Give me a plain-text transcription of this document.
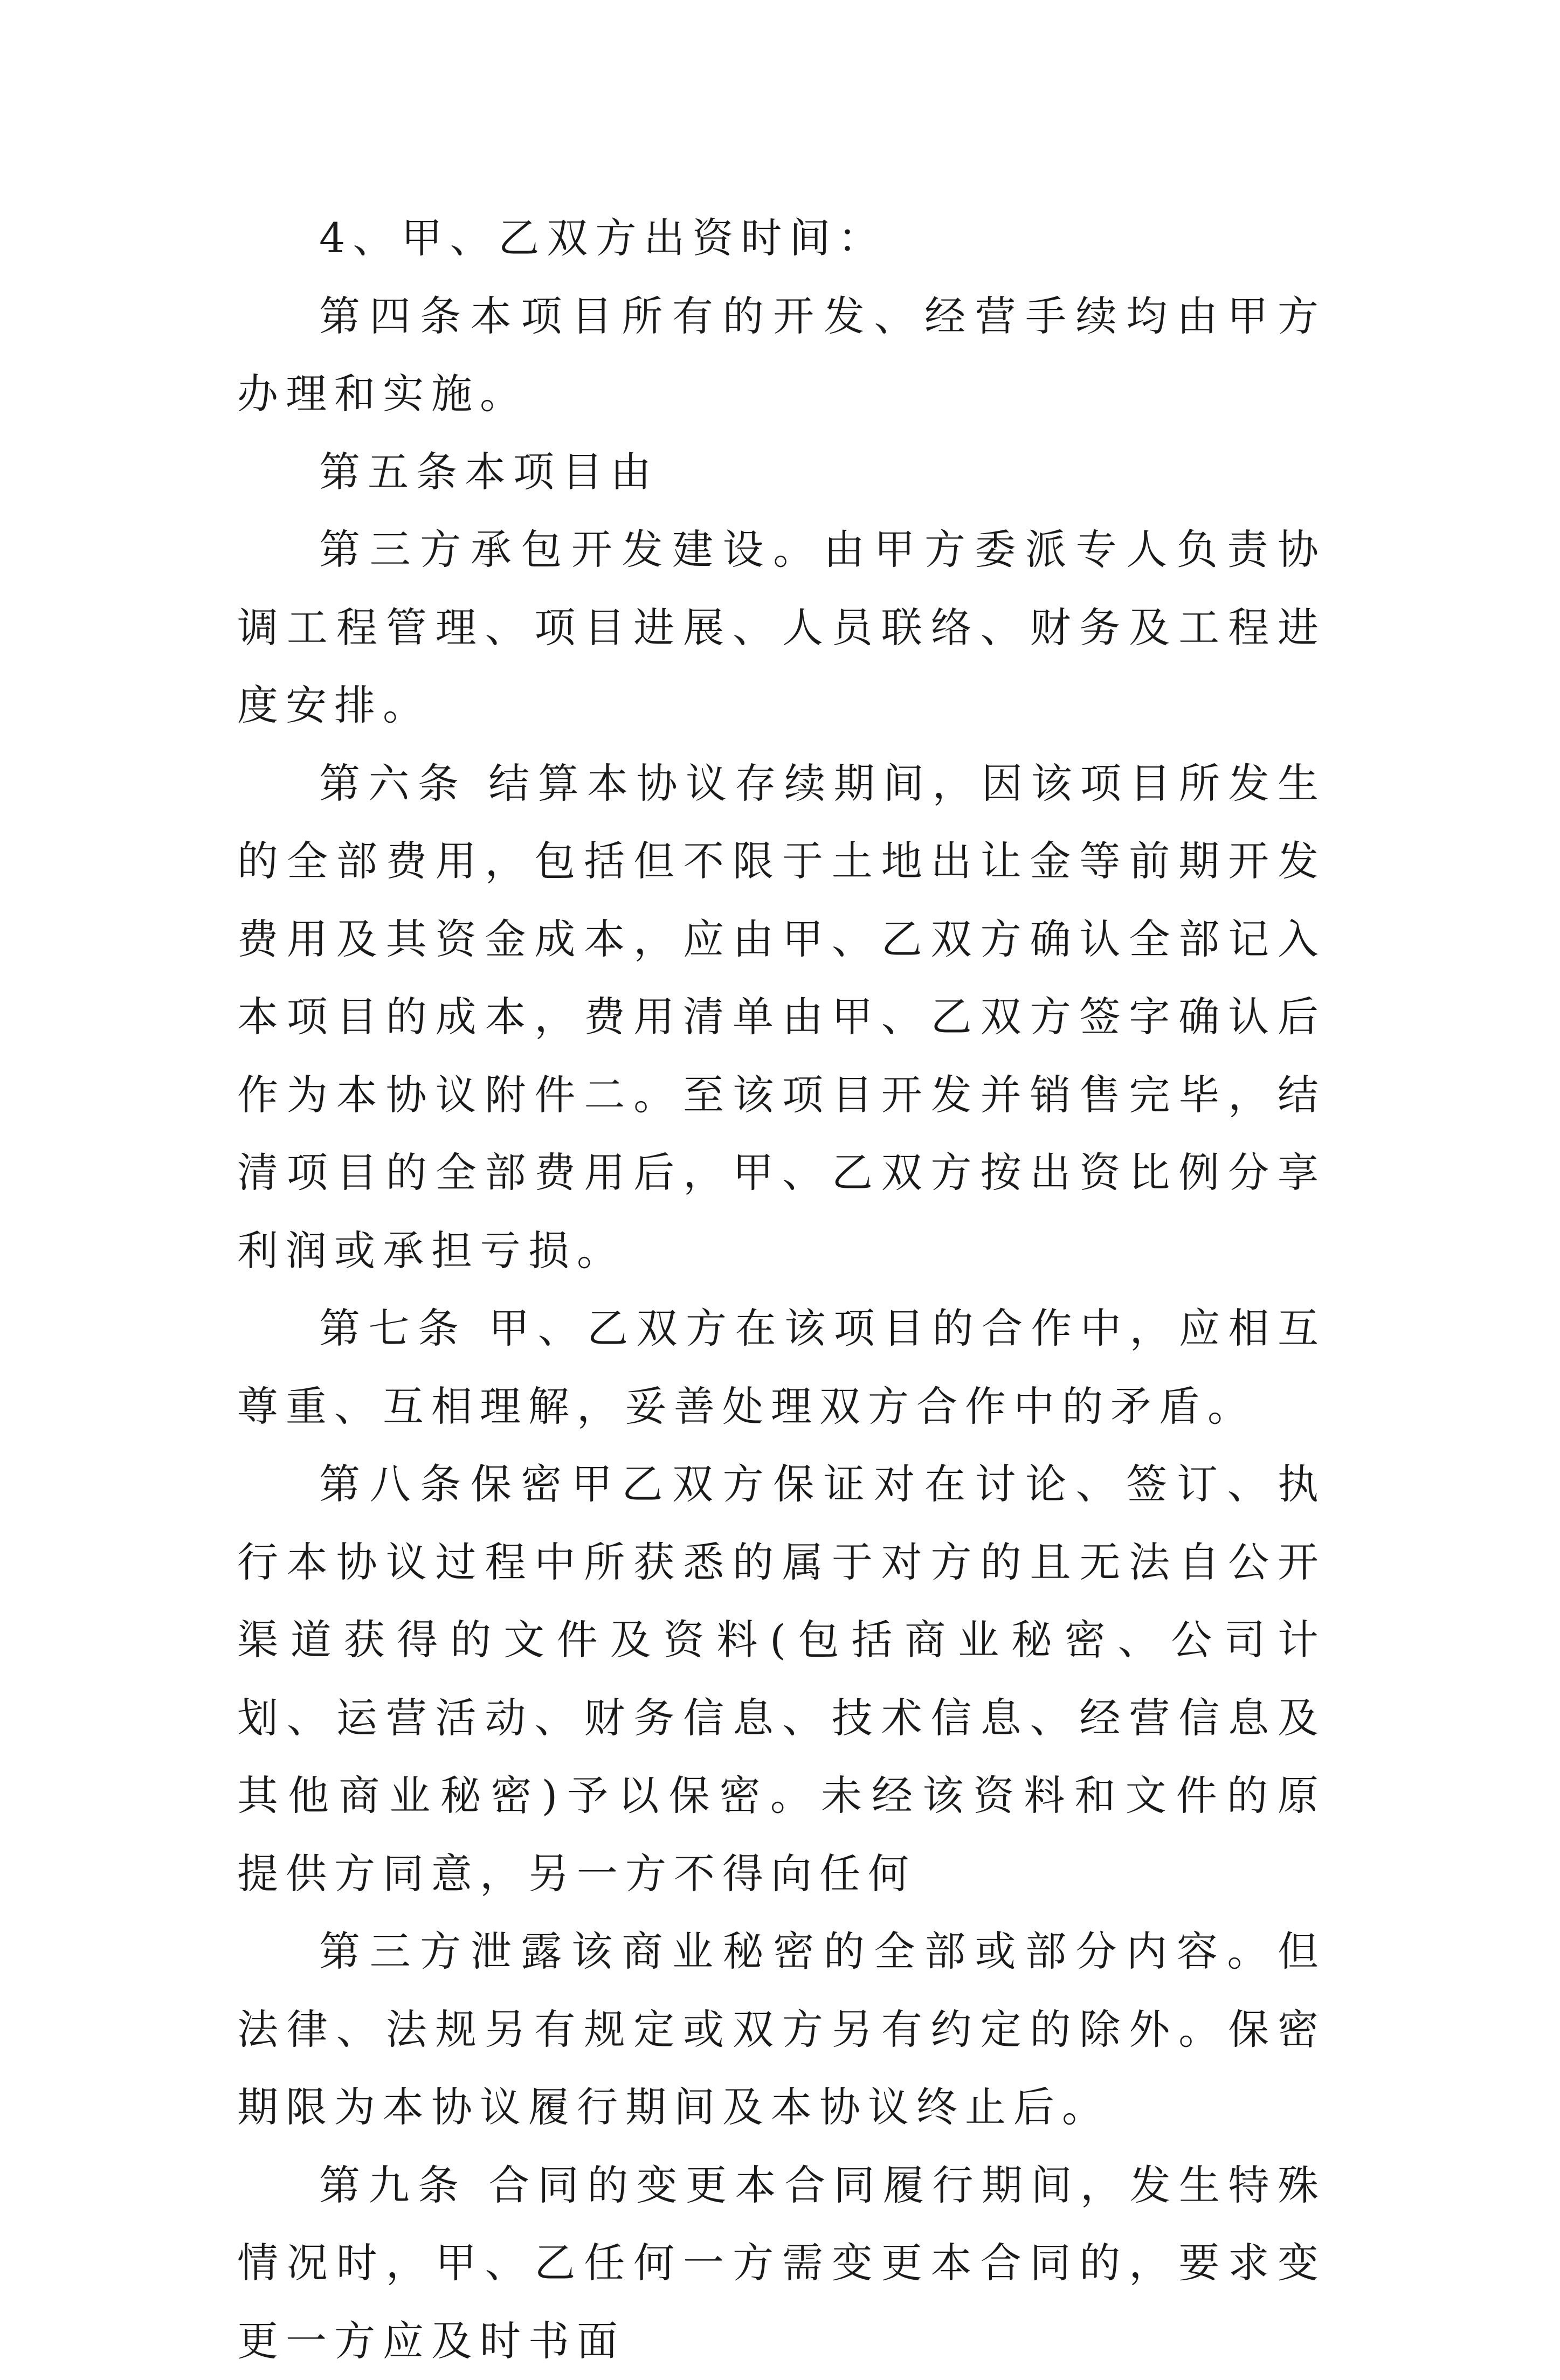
4、甲、乙双方出资时间：

第四条本项目所有的开发、经营手续均由甲方办理和实施。

第五条本项目由

第三方承包开发建设。由甲方委派专人负责协调工程管理、项目进展、人员联络、财务及工程进度安排。

第六条 结算本协议存续期间，因该项目所发生的全部费用，包括但不限于土地出让金等前期开发费用及其资金成本，应由甲、乙双方确认全部记入本项目的成本，费用清单由甲、乙双方签字确认后作为本协议附件二。至该项目开发并销售完毕，结清项目的全部费用后，甲、乙双方按出资比例分享利润或承担亏损。

第七条 甲、乙双方在该项目的合作中，应相互尊重、互相理解，妥善处理双方合作中的矛盾。

第八条保密甲乙双方保证对在讨论、签订、执行本协议过程中所获悉的属于对方的且无法自公开渠道获得的文件及资料(包括商业秘密、公司计划、运营活动、财务信息、技术信息、经营信息及其他商业秘密)予以保密。未经该资料和文件的原提供方同意，另一方不得向任何

第三方泄露该商业秘密的全部或部分内容。但法律、法规另有规定或双方另有约定的除外。保密期限为本协议履行期间及本协议终止后。

第九条 合同的变更本合同履行期间，发生特殊情况时，甲、乙任何一方需变更本合同的，要求变更一方应及时书面
